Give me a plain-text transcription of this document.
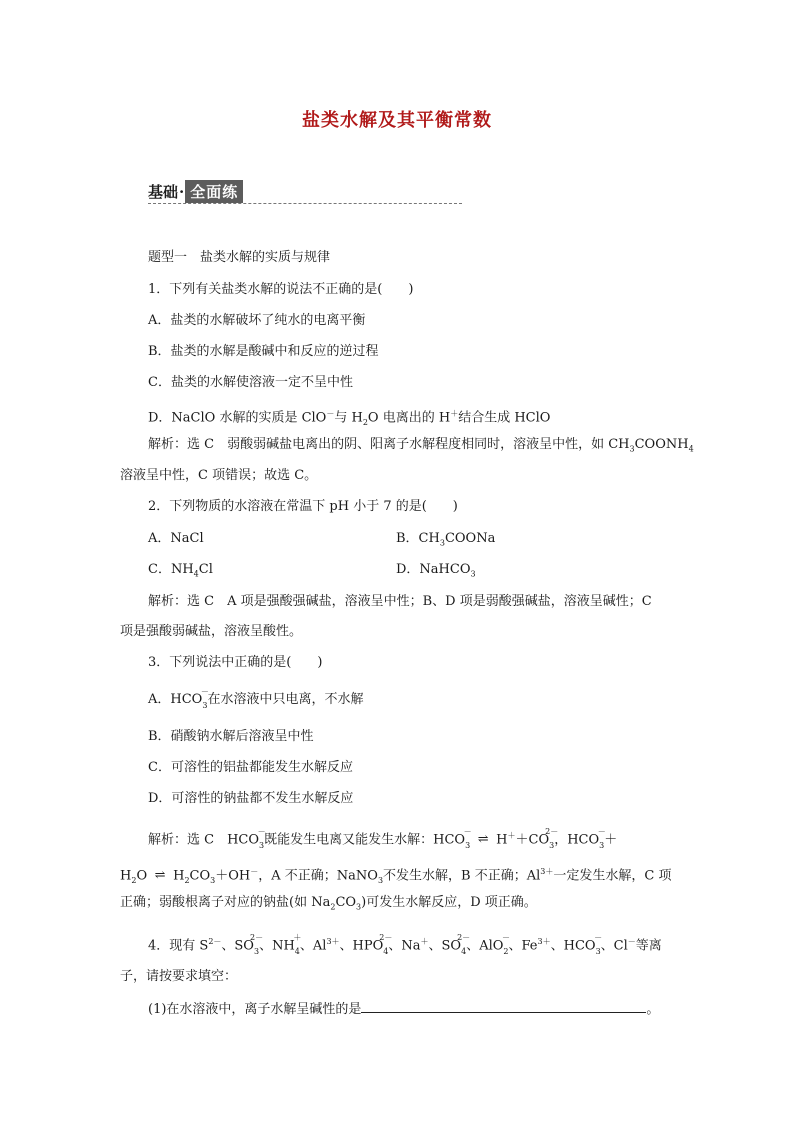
盐类水解及其平衡常数
基础 · 全面练
题型一　盐类水解的实质与规律
1．下列有关盐类水解的说法不正确的是(　　)
A．盐类的水解破坏了纯水的电离平衡
B．盐类的水解是酸碱中和反应的逆过程
C．盐类的水解使溶液一定不呈中性
D．NaClO 水解的实质是 ClO－与 $H_2O$ 电离出的 H＋结合生成 HClO
解析：选 C　弱酸弱碱盐电离出的阴、阳离子水解程度相同时，溶液呈中性，如 $CH_3COONH_4$
溶液呈中性，C 项错误；故选 C。
2．下列物质的水溶液在常温下 pH 小于 7 的是(　　)
A．NaCl	B．$CH_3COONa$
C．$NH_4Cl$	D．NaHCO$_3$
解析：选 C　A 项是强酸强碱盐，溶液呈中性；B、D 项是弱酸强碱盐，溶液呈碱性；C
项是强酸弱碱盐，溶液呈酸性。
3．下列说法中正确的是(　　)
A．HCO
－
$_3$在水溶液中只电离，不水解
B．硝酸钠水解后溶液呈中性
C．可溶性的铝盐都能发生水解反应
D．可溶性的钠盐都不发生水解反应
解析：选 C　HCO
－
$_3$既能发生电离又能发生水解：HCO
－
$_3$ ⇌ H＋＋CO
2－
$_3$，HCO
－
$_3$＋
$H_2O$ ⇌ $H_2CO_3+OH^-$，A 不正确；NaNO$_3$不发生水解，B 不正确；$Al^{3+}$一定发生水解，C 项
正确；弱酸根离子对应的钠盐(如 $Na_2CO_3$)可发生水解反应，D 项正确。
4．现有 $S^{2-}$、SO
2－
$_3$、NH
＋
$_4$、$Al^{3+}$、HPO
2－
$_4$、Na＋、SO
2－
$_4$、AlO
－
$_2$、$Fe^{3+}$、HCO
－
$_3$、Cl－等离
子，请按要求填空：
(1)在水溶液中，离子水解呈碱性的是	。
